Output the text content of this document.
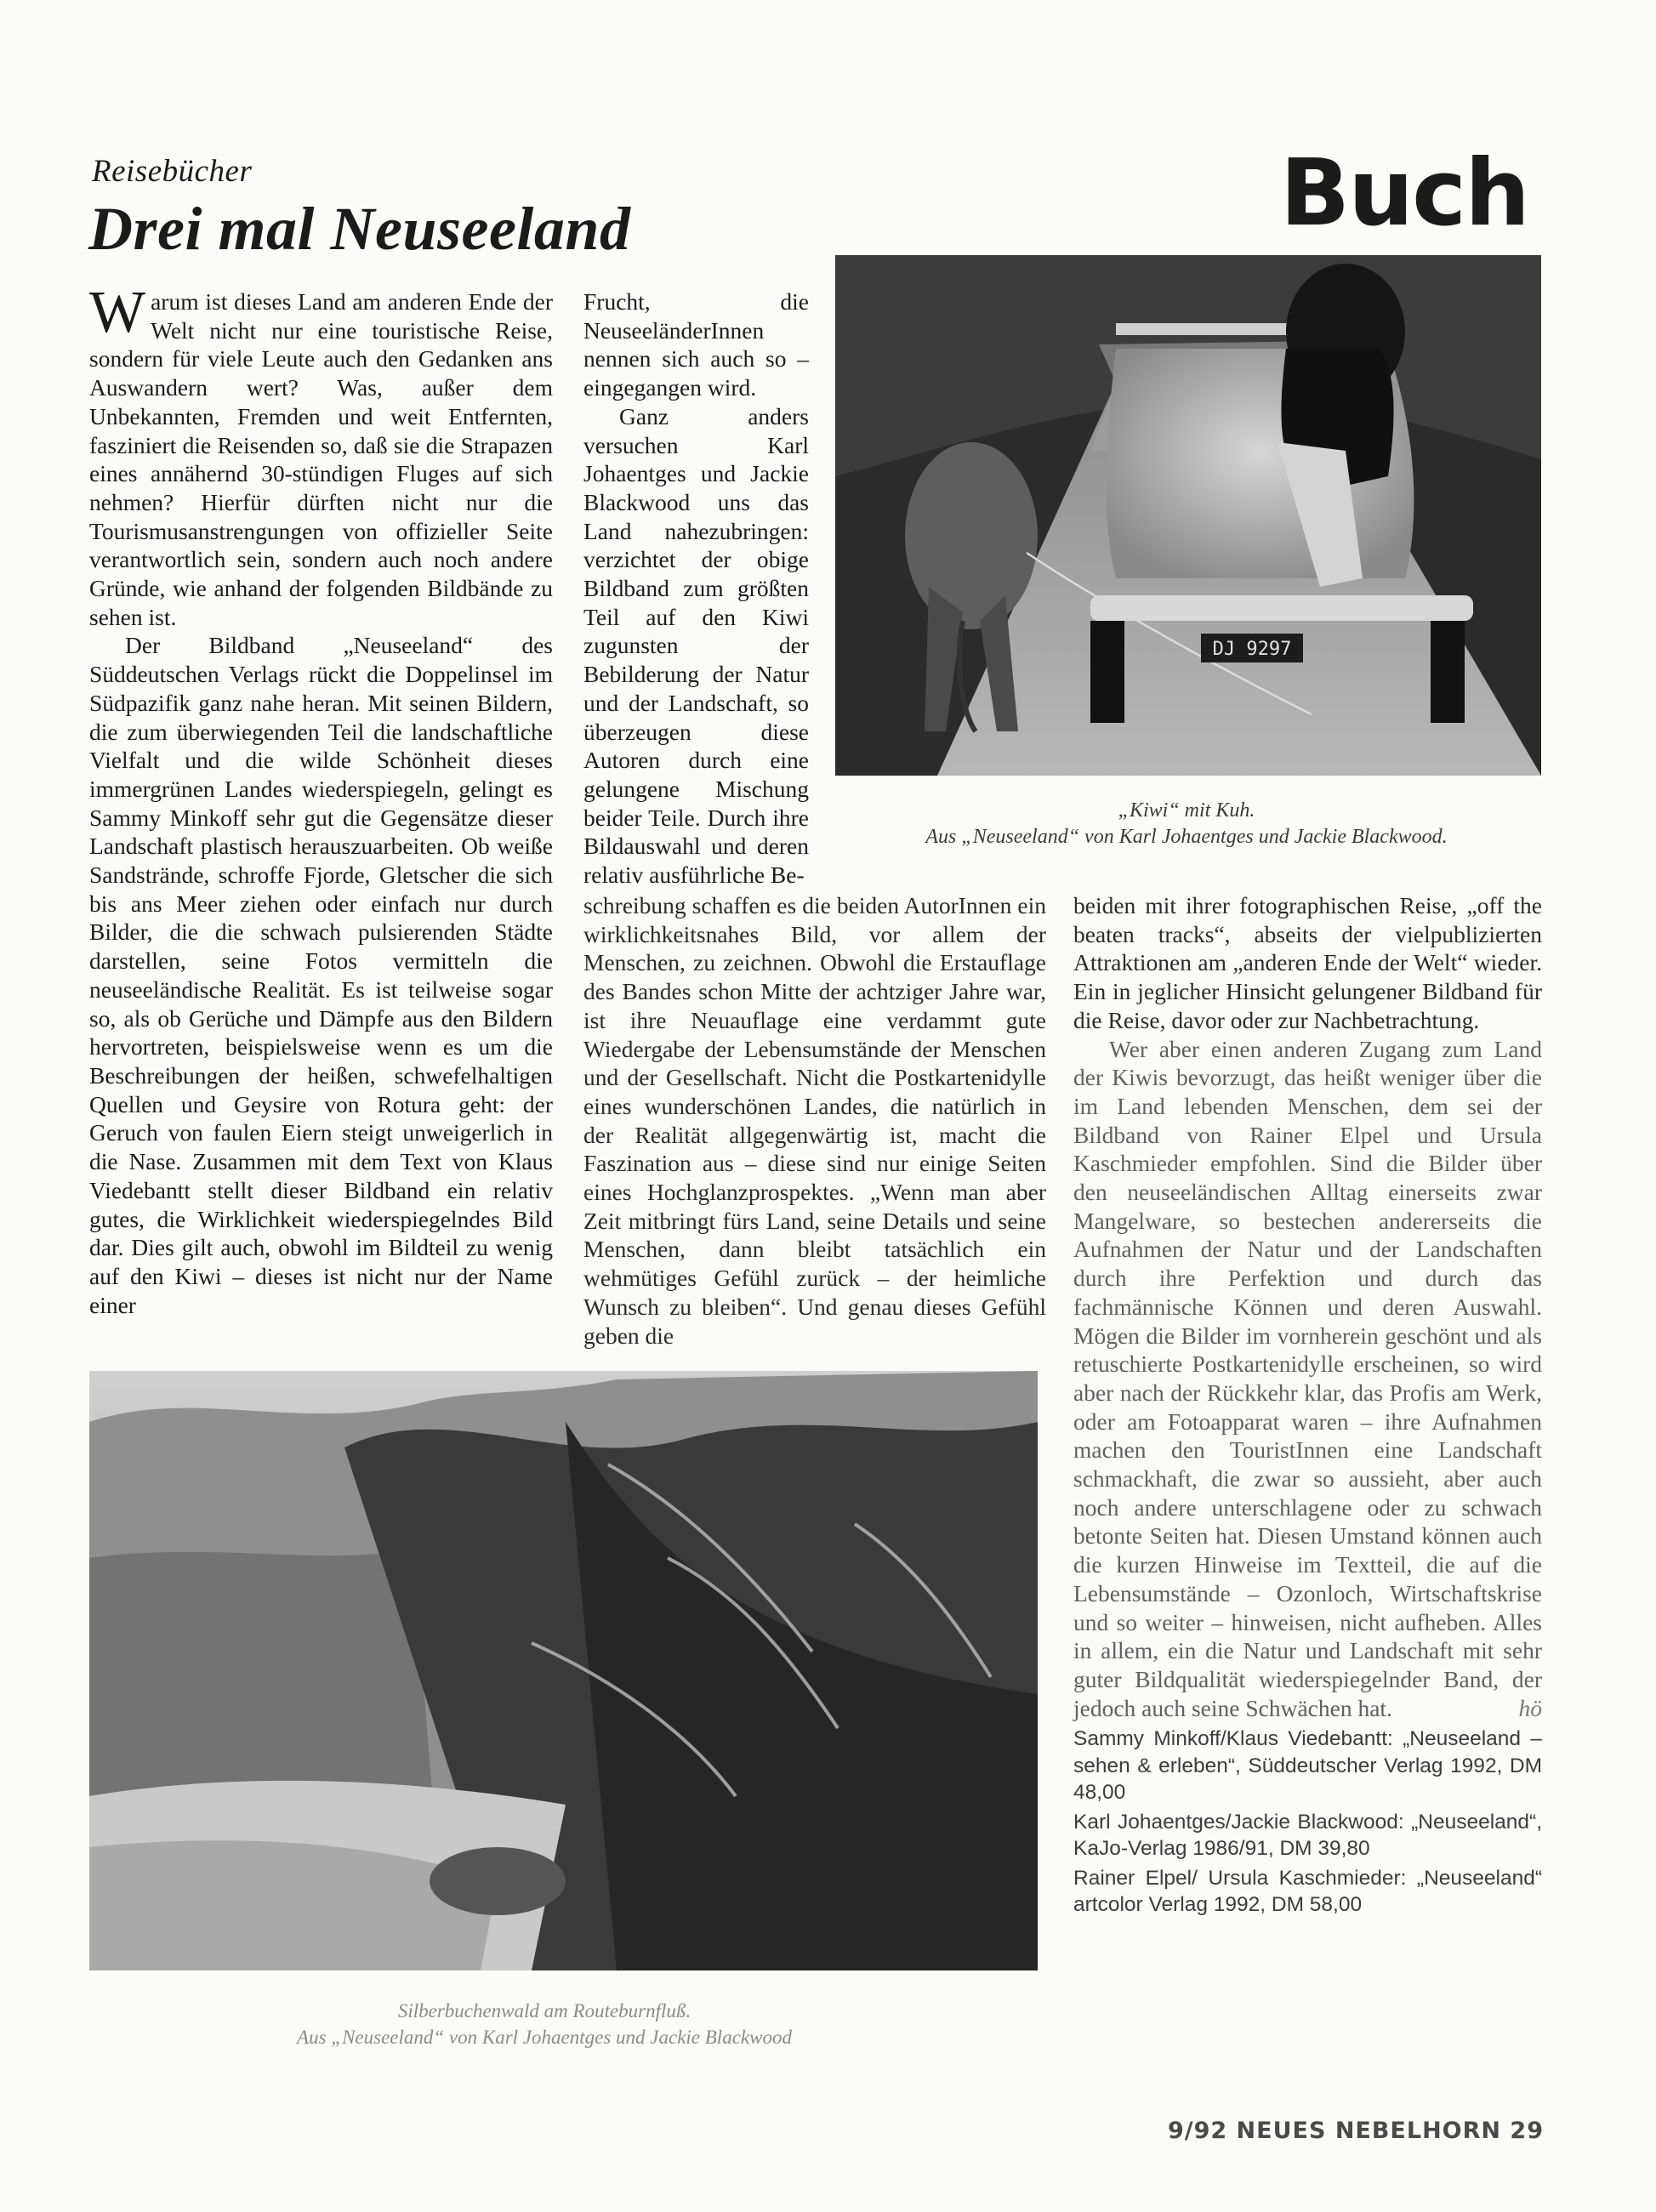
Reisebücher
Drei mal Neuseeland	Buch

Warum ist dieses Land am anderen Ende der Welt nicht nur eine touristische Reise, sondern für viele Leute auch den Gedanken ans Auswandern wert? Was, außer dem Unbekannten, Fremden und weit Entfernten, fasziniert die Reisenden so, daß sie die Strapazen eines annähernd 30-stündigen Fluges auf sich nehmen? Hierfür dürften nicht nur die Tourismusanstrengungen von offizieller Seite verantwortlich sein, sondern auch noch andere Gründe, wie anhand der folgenden Bildbände zu sehen ist.

Der Bildband „Neuseeland“ des Süddeutschen Verlags rückt die Doppelinsel im Südpazifik ganz nahe heran. Mit seinen Bildern, die zum überwiegenden Teil die landschaftliche Vielfalt und die wilde Schönheit dieses immergrünen Landes wiederspiegeln, gelingt es Sammy Minkoff sehr gut die Gegensätze dieser Landschaft plastisch herauszuarbeiten. Ob weiße Sandstrände, schroffe Fjorde, Gletscher die sich bis ans Meer ziehen oder einfach nur durch Bilder, die die schwach pulsierenden Städte darstellen, seine Fotos vermitteln die neuseeländische Realität. Es ist teilweise sogar so, als ob Gerüche und Dämpfe aus den Bildern hervortreten, beispielsweise wenn es um die Beschreibungen der heißen, schwefelhaltigen Quellen und Geysire von Rotura geht: der Geruch von faulen Eiern steigt unweigerlich in die Nase. Zusammen mit dem Text von Klaus Viedebantt stellt dieser Bildband ein relativ gutes, die Wirklichkeit wiederspiegelndes Bild dar. Dies gilt auch, obwohl im Bildteil zu wenig auf den Kiwi – dieses ist nicht nur der Name einer

Frucht, die NeuseeländerInnen nennen sich auch so – eingegangen wird.

Ganz anders versuchen Karl Johaentges und Jackie Blackwood uns das Land nahezubringen: verzichtet der obige Bildband zum größten Teil auf den Kiwi zugunsten der Bebilderung der Natur und der Landschaft, so überzeugen diese Autoren durch eine gelungene Mischung beider Teile. Durch ihre Bildauswahl und deren relativ ausführliche Be-

schreibung schaffen es die beiden AutorInnen ein wirklichkeitsnahes Bild, vor allem der Menschen, zu zeichnen. Obwohl die Erstauflage des Bandes schon Mitte der achtziger Jahre war, ist ihre Neuauflage eine verdammt gute Wiedergabe der Lebensumstände der Menschen und der Gesellschaft. Nicht die Postkartenidylle eines wunderschönen Landes, die natürlich in der Realität allgegenwärtig ist, macht die Faszination aus – diese sind nur einige Seiten eines Hochglanzprospektes. „Wenn man aber Zeit mitbringt fürs Land, seine Details und seine Menschen, dann bleibt tatsächlich ein wehmütiges Gefühl zurück – der heimliche Wunsch zu bleiben“. Und genau dieses Gefühl geben die

beiden mit ihrer fotographischen Reise, „off the beaten tracks“, abseits der vielpublizierten Attraktionen am „anderen Ende der Welt“ wieder. Ein in jeglicher Hinsicht gelungener Bildband für die Reise, davor oder zur Nachbetrachtung.

Wer aber einen anderen Zugang zum Land der Kiwis bevorzugt, das heißt weniger über die im Land lebenden Menschen, dem sei der Bildband von Rainer Elpel und Ursula Kaschmieder empfohlen. Sind die Bilder über den neuseeländischen Alltag einerseits zwar Mangelware, so bestechen andererseits die Aufnahmen der Natur und der Landschaften durch ihre Perfektion und durch das fachmännische Können und deren Auswahl. Mögen die Bilder im vornherein geschönt und als retuschierte Postkartenidylle erscheinen, so wird aber nach der Rückkehr klar, das Profis am Werk, oder am Fotoapparat waren – ihre Aufnahmen machen den TouristInnen eine Landschaft schmackhaft, die zwar so aussieht, aber auch noch andere unterschlagene oder zu schwach betonte Seiten hat. Diesen Umstand können auch die kurzen Hinweise im Textteil, die auf die Lebensumstände – Ozonloch, Wirtschaftskrise und so weiter – hinweisen, nicht aufheben. Alles in allem, ein die Natur und Landschaft mit sehr guter Bildqualität wiederspiegelnder Band, der jedoch auch seine Schwächen hat.	hö

Sammy Minkoff/Klaus Viedebantt: „Neuseeland – sehen & erleben“, Süddeutscher Verlag 1992, DM 48,00
Karl Johaentges/Jackie Blackwood: „Neuseeland“, KaJo-Verlag 1986/91, DM 39,80
Rainer Elpel/ Ursula Kaschmieder: „Neuseeland“ artcolor Verlag 1992, DM 58,00
DJ 9297
„Kiwi“ mit Kuh.
Aus „Neuseeland“ von Karl Johaentges und Jackie Blackwood.
Silberbuchenwald am Routeburnfluß.
Aus „Neuseeland“ von Karl Johaentges und Jackie Blackwood
9/92 NEUES NEBELHORN 29
